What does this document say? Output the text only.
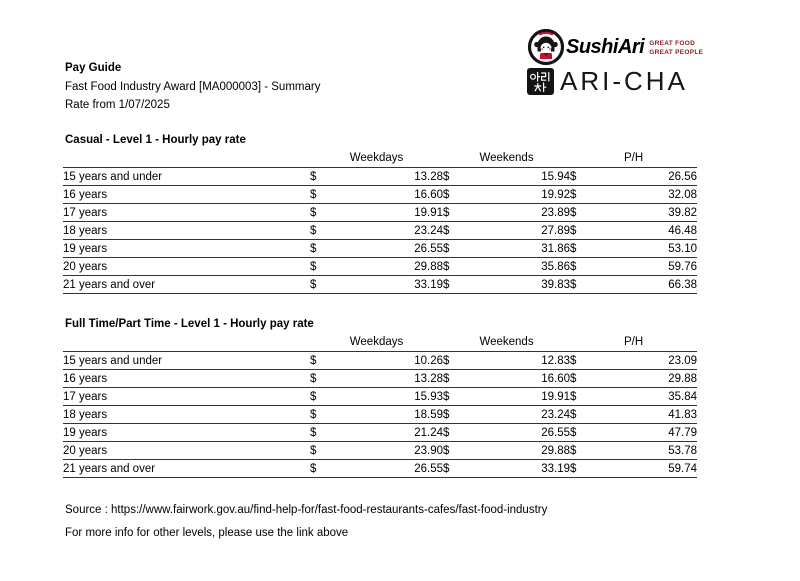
Pay Guide
Fast Food Industry Award [MA000003] - Summary
Rate from 1/07/2025
SushiAri GREAT FOOD
GREAT PEOPLE
ARI-CHA
Casual - Level 1 - Hourly pay rate
	Weekdays		Weekends		P/H	
15 years and under	$	13.28	$	15.94	$	26.56
16 years	$	16.60	$	19.92	$	32.08
17 years	$	19.91	$	23.89	$	39.82
18 years	$	23.24	$	27.89	$	46.48
19 years	$	26.55	$	31.86	$	53.10
20 years	$	29.88	$	35.86	$	59.76
21 years and over	$	33.19	$	39.83	$	66.38
Full Time/Part Time - Level 1 - Hourly pay rate
	Weekdays		Weekends		P/H	
15 years and under	$	10.26	$	12.83	$	23.09
16 years	$	13.28	$	16.60	$	29.88
17 years	$	15.93	$	19.91	$	35.84
18 years	$	18.59	$	23.24	$	41.83
19 years	$	21.24	$	26.55	$	47.79
20 years	$	23.90	$	29.88	$	53.78
21 years and over	$	26.55	$	33.19	$	59.74
Source : https://www.fairwork.gov.au/find-help-for/fast-food-restaurants-cafes/fast-food-industry
For more info for other levels, please use the link above
